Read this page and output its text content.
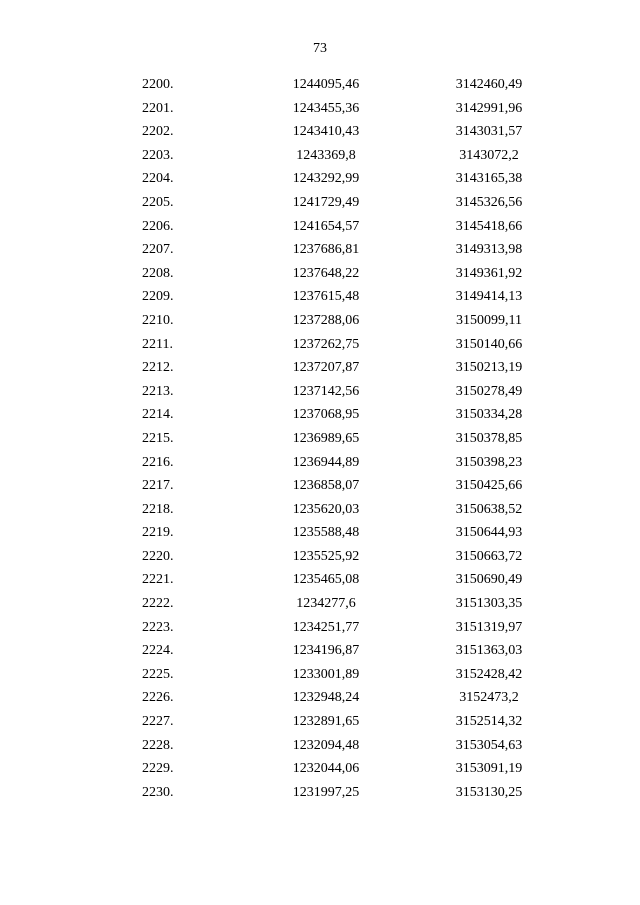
73
2200.	1244095,46	3142460,49
2201.	1243455,36	3142991,96
2202.	1243410,43	3143031,57
2203.	1243369,8	3143072,2
2204.	1243292,99	3143165,38
2205.	1241729,49	3145326,56
2206.	1241654,57	3145418,66
2207.	1237686,81	3149313,98
2208.	1237648,22	3149361,92
2209.	1237615,48	3149414,13
2210.	1237288,06	3150099,11
2211.	1237262,75	3150140,66
2212.	1237207,87	3150213,19
2213.	1237142,56	3150278,49
2214.	1237068,95	3150334,28
2215.	1236989,65	3150378,85
2216.	1236944,89	3150398,23
2217.	1236858,07	3150425,66
2218.	1235620,03	3150638,52
2219.	1235588,48	3150644,93
2220.	1235525,92	3150663,72
2221.	1235465,08	3150690,49
2222.	1234277,6	3151303,35
2223.	1234251,77	3151319,97
2224.	1234196,87	3151363,03
2225.	1233001,89	3152428,42
2226.	1232948,24	3152473,2
2227.	1232891,65	3152514,32
2228.	1232094,48	3153054,63
2229.	1232044,06	3153091,19
2230.	1231997,25	3153130,25
